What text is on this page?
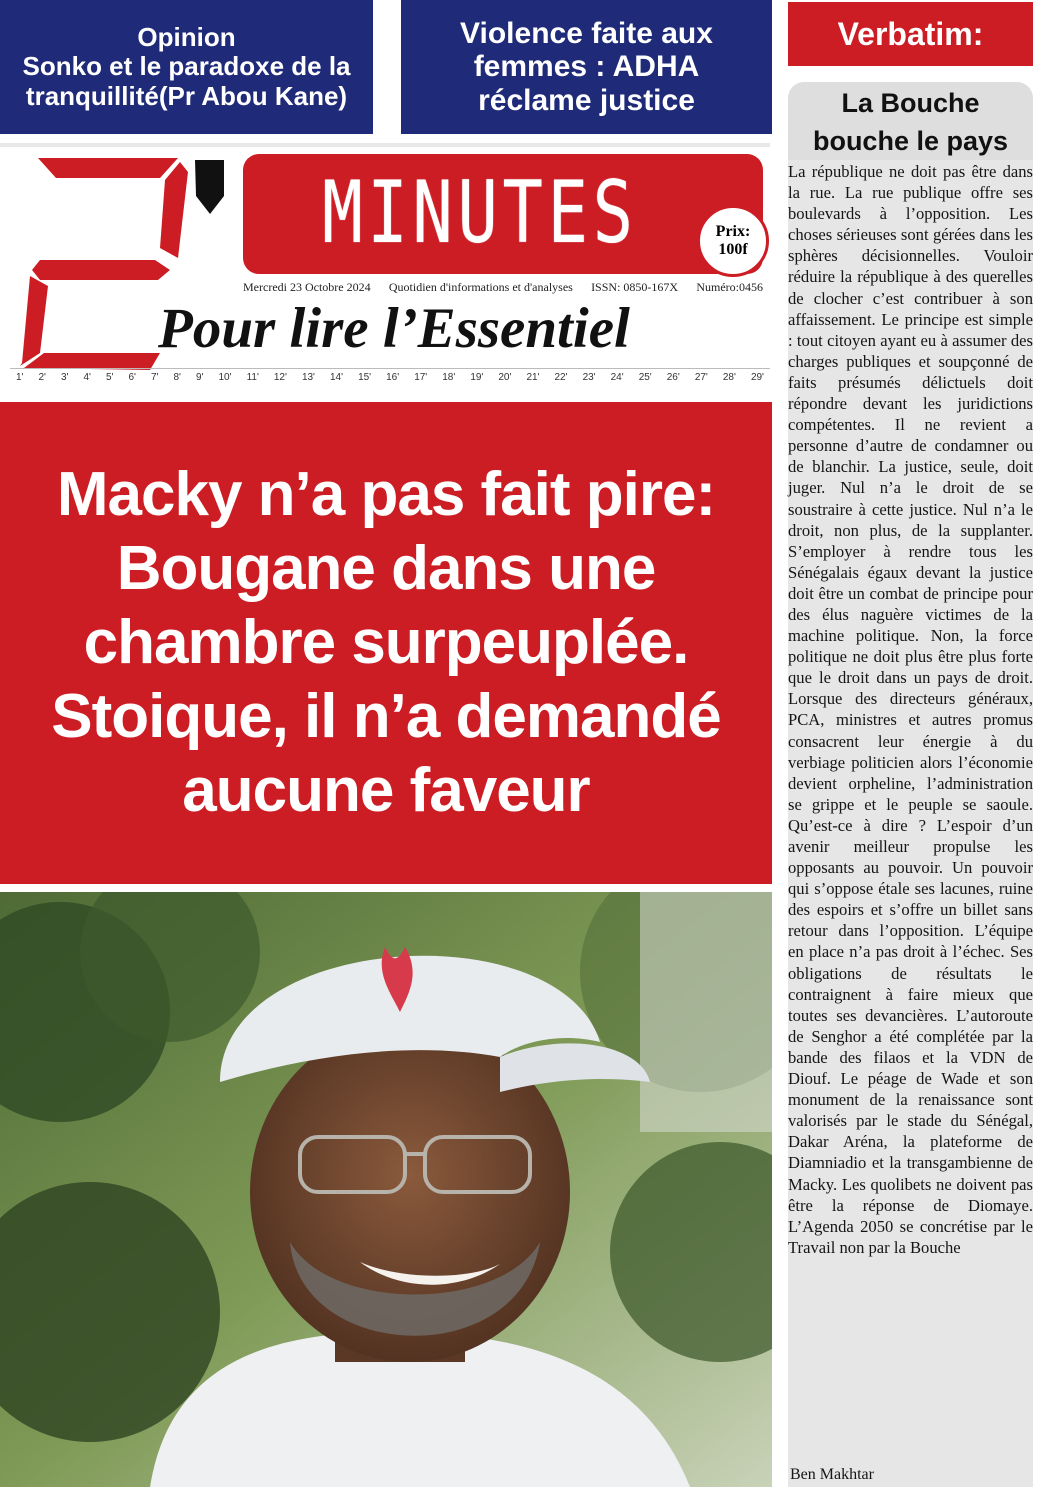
Opinion
Sonko et le paradoxe de la
tranquillité(Pr Abou Kane)
Violence faite aux
femmes : ADHA
réclame justice
MINUTES	Prix:
100f
Mercredi 23 Octobre 2024 Quotidien d'informations et d'analyses ISSN: 0850-167X Numéro:0456
Pour lire l’Essentiel
1' 2' 3' 4' 5' 6' 7' 8' 9' 10' 11' 12' 13' 14' 15' 16' 17' 18' 19' 20' 21' 22' 23' 24' 25' 26' 27' 28' 29'
Macky n’a pas fait pire:
Bougane dans une
chambre surpeuplée.
Stoique, il n’a demandé
aucune faveur
Verbatim:
La Bouche
bouche le pays

La république ne doit pas être dans la rue. La rue publique offre ses boulevards à l’opposition. Les choses sérieuses sont gérées dans les sphères décisionnelles. Vouloir réduire la république à des querelles de clocher c’est contribuer à son affaissement. Le principe est simple : tout citoyen ayant eu à assumer des charges publiques et soupçonné de faits présumés délictuels doit répondre devant les juridictions compétentes. Il ne revient a personne d’autre de condamner ou de blanchir. La justice, seule, doit juger. Nul n’a le droit de se soustraire à cette justice. Nul n’a le droit, non plus, de la supplanter. S’employer à rendre tous les Sénégalais égaux devant la justice doit être un combat de principe pour des élus naguère victimes de la machine politique. Non, la force politique ne doit plus être plus forte que le droit dans un pays de droit. Lorsque des directeurs généraux, PCA, ministres et autres promus consacrent leur énergie à du verbiage politicien alors l’économie devient orpheline, l’administration se grippe et le peuple se saoule. Qu’est-ce à dire ? L’espoir d’un avenir meilleur propulse les opposants au pouvoir. Un pouvoir qui s’oppose étale ses lacunes, ruine des espoirs et s’offre un billet sans retour dans l’opposition. L’équipe en place n’a pas droit à l’échec. Ses obligations de résultats le contraignent à faire mieux que toutes ses devancières. L’autoroute de Senghor a été complétée par la bande des filaos et la VDN de Diouf. Le péage de Wade et son monument de la renaissance sont valorisés par le stade du Sénégal, Dakar Aréna, la plateforme de Diamniadio et la transgambienne de Macky. Les quolibets ne doivent pas être la réponse de Diomaye. L’Agenda 2050 se concrétise par le Travail non par la Bouche

Ben Makhtar
